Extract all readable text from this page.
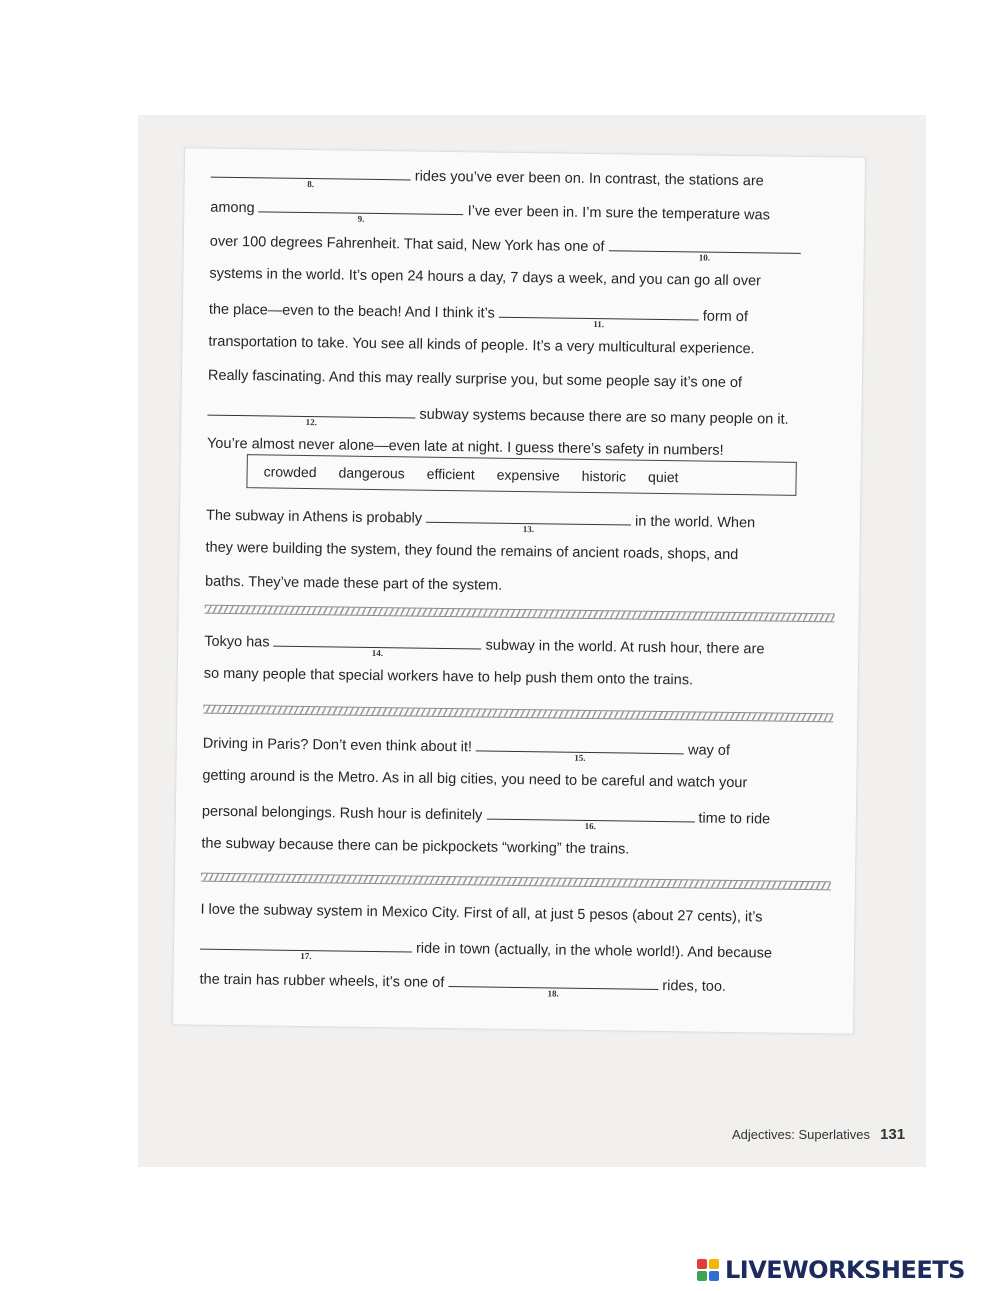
8.	rides you’ve ever been on. In contrast, the stations are
among
9.	I’ve ever been in. I’m sure the temperature was
over 100 degrees Fahrenheit. That said, New York has one of
10.
systems in the world. It’s open 24 hours a day, 7 days a week, and you can go all over
the place—even to the beach! And I think it’s
11.	form of
transportation to take. You see all kinds of people. It’s a very multicultural experience.
Really fascinating. And this may really surprise you, but some people say it’s one of
12.	subway systems because there are so many people on it.
You’re almost never alone—even late at night. I guess there’s safety in numbers!
crowded dangerous efficient expensive historic quiet
The subway in Athens is probably
13.	in the world. When
they were building the system, they found the remains of ancient roads, shops, and
baths. They’ve made these part of the system.
Tokyo has
14.	subway in the world. At rush hour, there are
so many people that special workers have to help push them onto the trains.
Driving in Paris? Don’t even think about it!
15.	way of
getting around is the Metro. As in all big cities, you need to be careful and watch your
personal belongings. Rush hour is definitely
16.	time to ride
the subway because there can be pickpockets “working” the trains.
I love the subway system in Mexico City. First of all, at just 5 pesos (about 27 cents), it’s
17.	ride in town (actually, in the whole world!). And because
the train has rubber wheels, it’s one of
18.	rides, too.
Adjectives: Superlatives 131
LIVEWORKSHEETS
